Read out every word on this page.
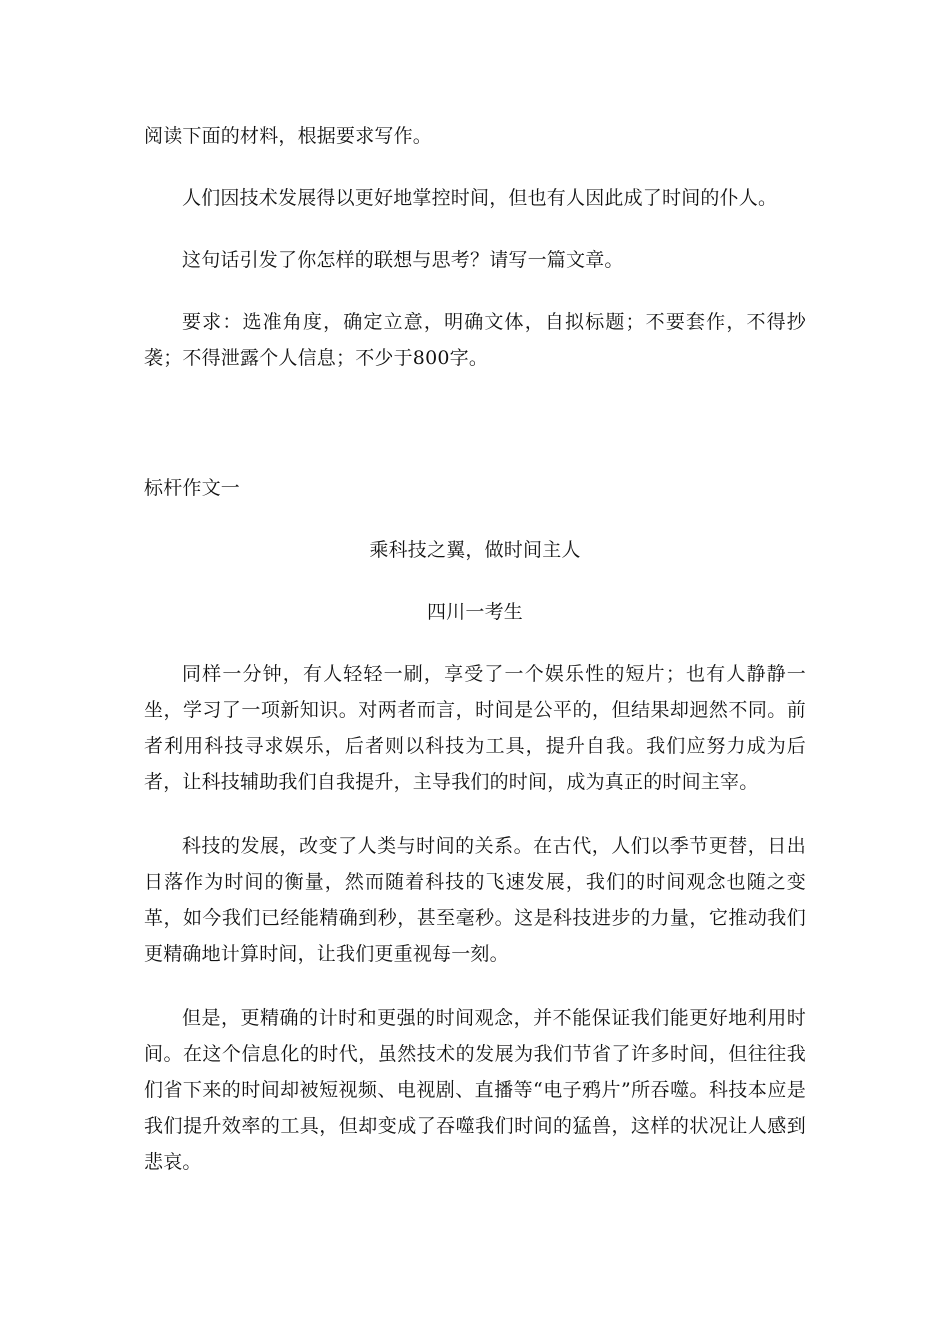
阅读下面的材料，根据要求写作。

人们因技术发展得以更好地掌控时间，但也有人因此成了时间的仆人。

这句话引发了你怎样的联想与思考？请写一篇文章。

要求：选准角度，确定立意，明确文体，自拟标题；不要套作，不得抄袭；不得泄露个人信息；不少于800字。

标杆作文一

乘科技之翼，做时间主人

四川一考生

同样一分钟，有人轻轻一刷，享受了一个娱乐性的短片；也有人静静一坐，学习了一项新知识。对两者而言，时间是公平的，但结果却迥然不同。前者利用科技寻求娱乐，后者则以科技为工具，提升自我。我们应努力成为后者，让科技辅助我们自我提升，主导我们的时间，成为真正的时间主宰。

科技的发展，改变了人类与时间的关系。在古代，人们以季节更替，日出日落作为时间的衡量，然而随着科技的飞速发展，我们的时间观念也随之变革，如今我们已经能精确到秒，甚至毫秒。这是科技进步的力量，它推动我们更精确地计算时间，让我们更重视每一刻。

但是，更精确的计时和更强的时间观念，并不能保证我们能更好地利用时间。在这个信息化的时代，虽然技术的发展为我们节省了许多时间，但往往我们省下来的时间却被短视频、电视剧、直播等“电子鸦片”所吞噬。科技本应是我们提升效率的工具，但却变成了吞噬我们时间的猛兽，这样的状况让人感到悲哀。
